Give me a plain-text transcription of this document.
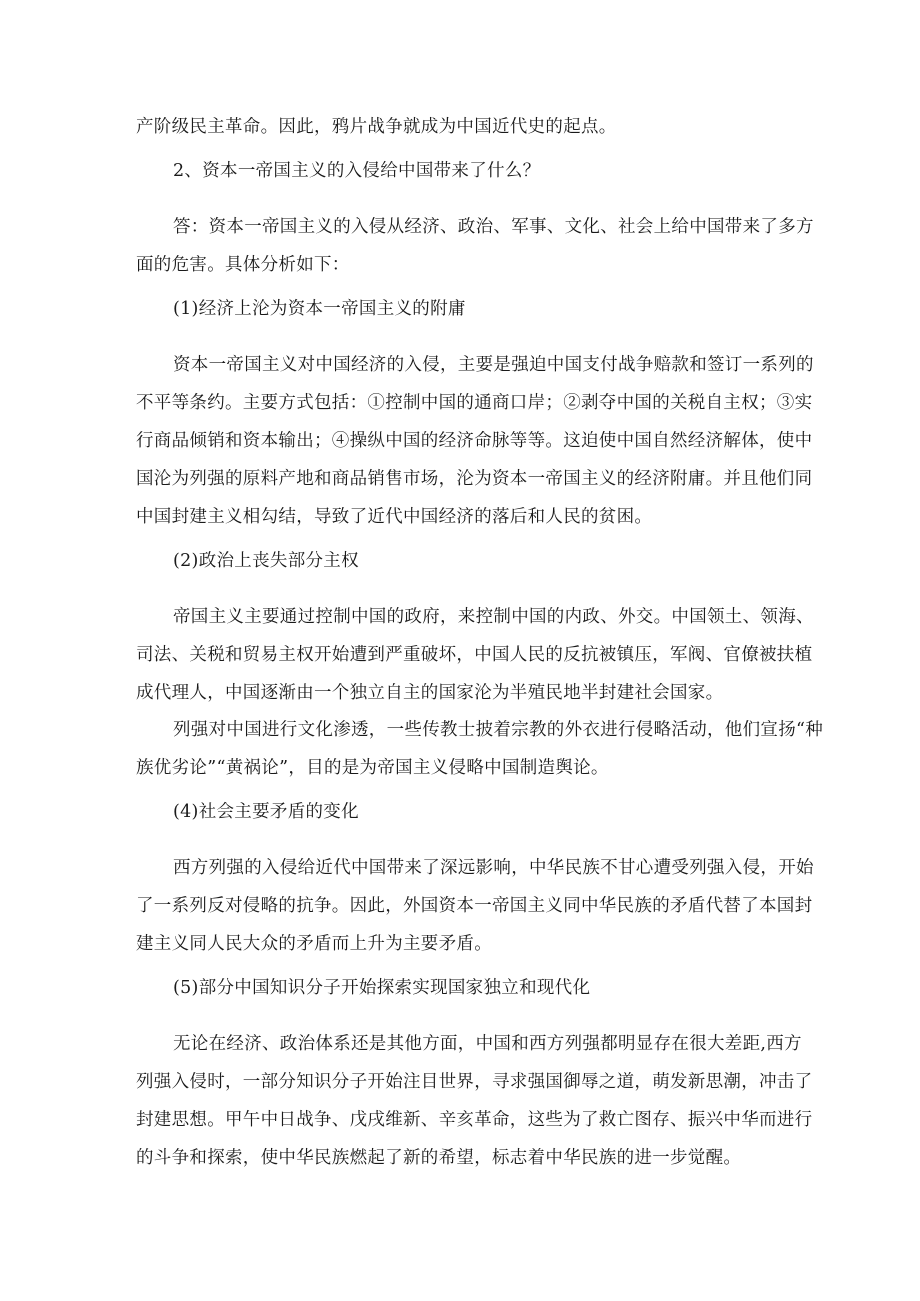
产阶级民主革命。因此，鸦片战争就成为中国近代史的起点。

2、资本一帝国主义的入侵给中国带来了什么？

答：资本一帝国主义的入侵从经济、政治、军事、文化、社会上给中国带来了多方

面的危害。具体分析如下：

(1)经济上沦为资本一帝国主义的附庸

资本一帝国主义对中国经济的入侵，主要是强迫中国支付战争赔款和签订一系列的

不平等条约。主要方式包括：①控制中国的通商口岸；②剥夺中国的关税自主权；③实

行商品倾销和资本输出；④操纵中国的经济命脉等等。这迫使中国自然经济解体，使中

国沦为列强的原料产地和商品销售市场，沦为资本一帝国主义的经济附庸。并且他们同

中国封建主义相勾结，导致了近代中国经济的落后和人民的贫困。

(2)政治上丧失部分主权

帝国主义主要通过控制中国的政府，来控制中国的内政、外交。中国领土、领海、

司法、关税和贸易主权开始遭到严重破坏，中国人民的反抗被镇压，军阀、官僚被扶植

成代理人，中国逐渐由一个独立自主的国家沦为半殖民地半封建社会国家。

列强对中国进行文化渗透，一些传教士披着宗教的外衣进行侵略活动，他们宣扬“种

族优劣论”“黄祸论”，目的是为帝国主义侵略中国制造舆论。

(4)社会主要矛盾的变化

西方列强的入侵给近代中国带来了深远影响，中华民族不甘心遭受列强入侵，开始

了一系列反对侵略的抗争。因此，外国资本一帝国主义同中华民族的矛盾代替了本国封

建主义同人民大众的矛盾而上升为主要矛盾。

(5)部分中国知识分子开始探索实现国家独立和现代化

无论在经济、政治体系还是其他方面，中国和西方列强都明显存在很大差距,西方

列强入侵时，一部分知识分子开始注目世界，寻求强国御辱之道，萌发新思潮，冲击了

封建思想。甲午中日战争、戊戌维新、辛亥革命，这些为了救亡图存、振兴中华而进行

的斗争和探索，使中华民族燃起了新的希望，标志着中华民族的进一步觉醒。
